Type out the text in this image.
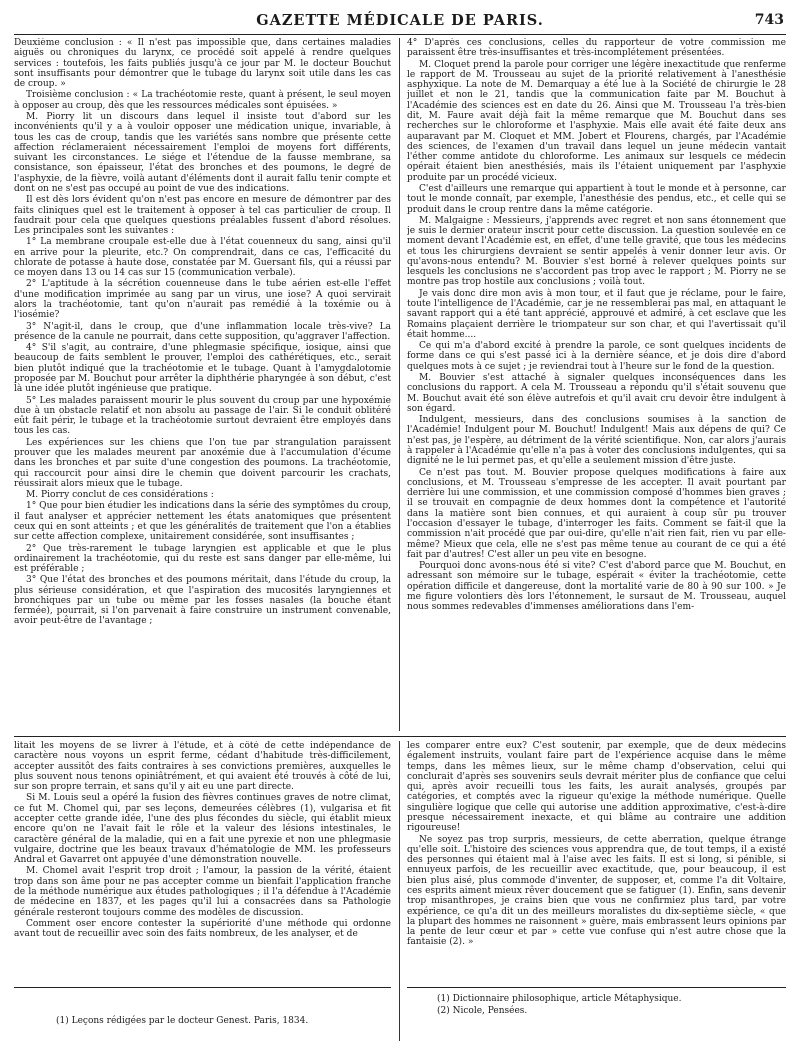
GAZETTE MÉDICALE DE PARIS.	743

Deuxième conclusion : « Il n'est pas impossible que, dans certaines maladies aiguës ou chroniques du larynx, ce procédé soit appelé à rendre quelques services : toutefois, les faits publiés jusqu'à ce jour par M. le docteur Bouchut sont insuffisants pour démontrer que le tubage du larynx soit utile dans les cas de croup. »

Troisième conclusion : « La trachéotomie reste, quant à présent, le seul moyen à opposer au croup, dès que les ressources médicales sont épuisées. »

M. Piorry lit un discours dans lequel il insiste tout d'abord sur les inconvénients qu'il y a à vouloir opposer une médication unique, invariable, à tous les cas de croup, tandis que les variétés sans nombre que présente cette affection réclameraient nécessairement l'emploi de moyens fort différents, suivant les circonstances. Le siége et l'étendue de la fausse membrane, sa consistance, son épaisseur, l'état des bronches et des poumons, le degré de l'asphyxie, de la fièvre, voilà autant d'éléments dont il aurait fallu tenir compte et dont on ne s'est pas occupé au point de vue des indications.

Il est dès lors évident qu'on n'est pas encore en mesure de démontrer par des faits cliniques quel est le traitement à opposer à tel cas particulier de croup. Il faudrait pour cela que quelques questions préalables fussent d'abord résolues. Les principales sont les suivantes :

1° La membrane croupale est-elle due à l'état couenneux du sang, ainsi qu'il en arrive pour la pleurite, etc.? On comprendrait, dans ce cas, l'efficacité du chlorate de potasse à haute dose, constatée par M. Guersant fils, qui a réussi par ce moyen dans 13 ou 14 cas sur 15 (communication verbale).

2° L'aptitude à la sécrétion couenneuse dans le tube aérien est-elle l'effet d'une modification imprimée au sang par un virus, une iose? A quoi servirait alors la trachéotomie, tant qu'on n'aurait pas remédié à la toxémie ou à l'iosémie?

3° N'agit-il, dans le croup, que d'une inflammation locale très-vive? La présence de la canule ne pourrait, dans cette supposition, qu'aggraver l'affection.

4° S'il s'agit, au contraire, d'une phlegmasie spécifique, iosique, ainsi que beaucoup de faits semblent le prouver, l'emploi des cathérétiques, etc., serait bien plutôt indiqué que la trachéotomie et le tubage. Quant à l'amygdalotomie proposée par M. Bouchut pour arrêter la diphthérie pharyngée à son début, c'est là une idée plutôt ingénieuse que pratique.

5° Les malades paraissent mourir le plus souvent du croup par une hypoxémie due à un obstacle relatif et non absolu au passage de l'air. Si le conduit oblitéré eût fait périr, le tubage et la trachéotomie surtout devraient être employés dans tous les cas.

Les expériences sur les chiens que l'on tue par strangulation paraissent prouver que les malades meurent par anoxémie due à l'accumulation d'écume dans les bronches et par suite d'une congestion des poumons. La trachéotomie, qui raccourcit pour ainsi dire le chemin que doivent parcourir les crachats, réussirait alors mieux que le tubage.

M. Piorry conclut de ces considérations :

1° Que pour bien étudier les indications dans la série des symptômes du croup, il faut analyser et apprécier nettement les états anatomiques que présentent ceux qui en sont atteints ; et que les généralités de traitement que l'on a établies sur cette affection complexe, unitairement considérée, sont insuffisantes ;

2° Que très-rarement le tubage laryngien est applicable et que le plus ordinairement la trachéotomie, qui du reste est sans danger par elle-même, lui est préférable ;

3° Que l'état des bronches et des poumons méritait, dans l'étude du croup, la plus sérieuse considération, et que l'aspiration des mucosités laryngiennes et bronchiques par un tube ou même par les fosses nasales (la bouche étant fermée), pourrait, si l'on parvenait à faire construire un instrument convenable, avoir peut-être de l'avantage ;

4° D'après ces conclusions, celles du rapporteur de votre commission me paraissent être très-insuffisantes et très-incomplétement présentées.

M. Cloquet prend la parole pour corriger une légère inexactitude que renferme le rapport de M. Trousseau au sujet de la priorité relativement à l'anesthésie asphyxique. La note de M. Demarquay a été lue à la Société de chirurgie le 28 juillet et non le 21, tandis que la communication faite par M. Bouchut à l'Académie des sciences est en date du 26. Ainsi que M. Trousseau l'a très-bien dit, M. Faure avait déjà fait la même remarque que M. Bouchut dans ses recherches sur le chloroforme et l'asphyxie. Mais elle avait été faite deux ans auparavant par M. Cloquet et MM. Jobert et Flourens, chargés, par l'Académie des sciences, de l'examen d'un travail dans lequel un jeune médecin vantait l'éther comme antidote du chloroforme. Les animaux sur lesquels ce médecin opérait étaient bien anesthésiés, mais ils l'étaient uniquement par l'asphyxie produite par un procédé vicieux.

C'est d'ailleurs une remarque qui appartient à tout le monde et à personne, car tout le monde connaît, par exemple, l'anesthésie des pendus, etc., et celle qui se produit dans le croup rentre dans la même catégorie.

M. Malgaigne : Messieurs, j'apprends avec regret et non sans étonnement que je suis le dernier orateur inscrit pour cette discussion. La question soulevée en ce moment devant l'Académie est, en effet, d'une telle gravité, que tous les médecins et tous les chirurgiens devraient se sentir appelés à venir donner leur avis. Or qu'avons-nous entendu? M. Bouvier s'est borné à relever quelques points sur lesquels les conclusions ne s'accordent pas trop avec le rapport ; M. Piorry ne se montre pas trop hostile aux conclusions ; voilà tout.

Je vais donc dire mon avis à mon tour, et il faut que je réclame, pour le faire, toute l'intelligence de l'Académie, car je ne ressemblerai pas mal, en attaquant le savant rapport qui a été tant apprécié, approuvé et admiré, à cet esclave que les Romains plaçaient derrière le triompateur sur son char, et qui l'avertissait qu'il était homme....

Ce qui m'a d'abord excité à prendre la parole, ce sont quelques incidents de forme dans ce qui s'est passé ici à la dernière séance, et je dois dire d'abord quelques mots à ce sujet ; je reviendrai tout à l'heure sur le fond de la question.

M. Bouvier s'est attaché à signaler quelques inconséquences dans les conclusions du rapport. A cela M. Trousseau a répondu qu'il s'était souvenu que M. Bouchut avait été son élève autrefois et qu'il avait cru devoir être indulgent à son égard.

Indulgent, messieurs, dans des conclusions soumises à la sanction de l'Académie! Indulgent pour M. Bouchut! Indulgent! Mais aux dépens de qui? Ce n'est pas, je l'espère, au détriment de la vérité scientifique. Non, car alors j'aurais à rappeler à l'Académie qu'elle n'a pas à voter des conclusions indulgentes, qui sa dignité ne le lui permet pas, et qu'elle a seulement mission d'être juste.

Ce n'est pas tout. M. Bouvier propose quelques modifications à faire aux conclusions, et M. Trousseau s'empresse de les accepter. Il avait pourtant par derrière lui une commission, et une commission composé d'hommes bien graves ; il se trouvait en compagnie de deux hommes dont la compétence et l'autorité dans la matière sont bien connues, et qui auraient à coup sûr pu trouver l'occasion d'essayer le tubage, d'interroger les faits. Comment se fait-il que la commission n'ait procédé que par oui-dire, qu'elle n'ait rien fait, rien vu par elle-même? Mieux que cela, elle ne s'est pas même tenue au courant de ce qui a été fait par d'autres! C'est aller un peu vite en besogne.

Pourquoi donc avons-nous été si vite? C'est d'abord parce que M. Bouchut, en adressant son mémoire sur le tubage, espérait « éviter la trachéotomie, cette opération difficile et dangereuse, dont la mortalité varie de 80 à 90 sur 100. » Je me figure volontiers dès lors l'étonnement, le sursaut de M. Trousseau, auquel nous sommes redevables d'immenses améliorations dans l'em-

litait les moyens de se livrer à l'étude, et à côté de cette indépendance de caractère nous voyons un esprit ferme, cédant d'habitude très-difficilement, accepter aussitôt des faits contraires à ses convictions premières, auxquelles le plus souvent nous tenons opiniâtrément, et qui avaient été trouvés à côté de lui, sur son propre terrain, et sans qu'il y ait eu une part directe.

Si M. Louis seul a opéré la fusion des fièvres continues graves de notre climat, ce fut M. Chomel qui, par ses leçons, demeurées célèbres (1), vulgarisa et fit accepter cette grande idée, l'une des plus fécondes du siècle, qui établit mieux encore qu'on ne l'avait fait le rôle et la valeur des lésions intestinales, le caractère général de la maladie, qui en a fait une pyrexie et non une phlegmasie vulgaire, doctrine que les beaux travaux d'hématologie de MM. les professeurs Andral et Gavarret ont appuyée d'une démonstration nouvelle.

M. Chomel avait l'esprit trop droit ; l'amour, la passion de la vérité, étaient trop dans son âme pour ne pas accepter comme un bienfait l'application franche de la méthode numérique aux études pathologiques ; il l'a défendue à l'Académie de médecine en 1837, et les pages qu'il lui a consacrées dans sa Pathologie générale resteront toujours comme des modèles de discussion.

Comment oser encore contester la supériorité d'une méthode qui ordonne avant tout de recueillir avec soin des faits nombreux, de les analyser, et de

les comparer entre eux? C'est soutenir, par exemple, que de deux médecins également instruits, voulant faire part de l'expérience acquise dans le même temps, dans les mêmes lieux, sur le même champ d'observation, celui qui conclurait d'après ses souvenirs seuls devrait mériter plus de confiance que celui qui, après avoir recueilli tous les faits, les aurait analysés, groupés par catégories, et comptés avec la rigueur qu'exige la méthode numérique. Quelle singulière logique que celle qui autorise une addition approximative, c'est-à-dire presque nécessairement inexacte, et qui blâme au contraire une addition rigoureuse!

Ne soyez pas trop surpris, messieurs, de cette aberration, quelque étrange qu'elle soit. L'histoire des sciences vous apprendra que, de tout temps, il a existé des personnes qui étaient mal à l'aise avec les faits. Il est si long, si pénible, si ennuyeux parfois, de les recueillir avec exactitude, que, pour beaucoup, il est bien plus aisé, plus commode d'inventer, de supposer, et, comme l'a dit Voltaire, ces esprits aiment mieux rêver doucement que se fatiguer (1). Enfin, sans devenir trop misanthropes, je crains bien que vous ne confirmiez plus tard, par votre expérience, ce qu'a dit un des meilleurs moralistes du dix-septième siècle, « que la plupart des hommes ne raisonnent » guère, mais embrassent leurs opinions par la pente de leur cœur et par » cette vue confuse qui n'est autre chose que la fantaisie (2). »

(1) Leçons rédigées par le docteur Genest. Paris, 1834.

(1) Dictionnaire philosophique, article Métaphysique.

(2) Nicole, Pensées.
